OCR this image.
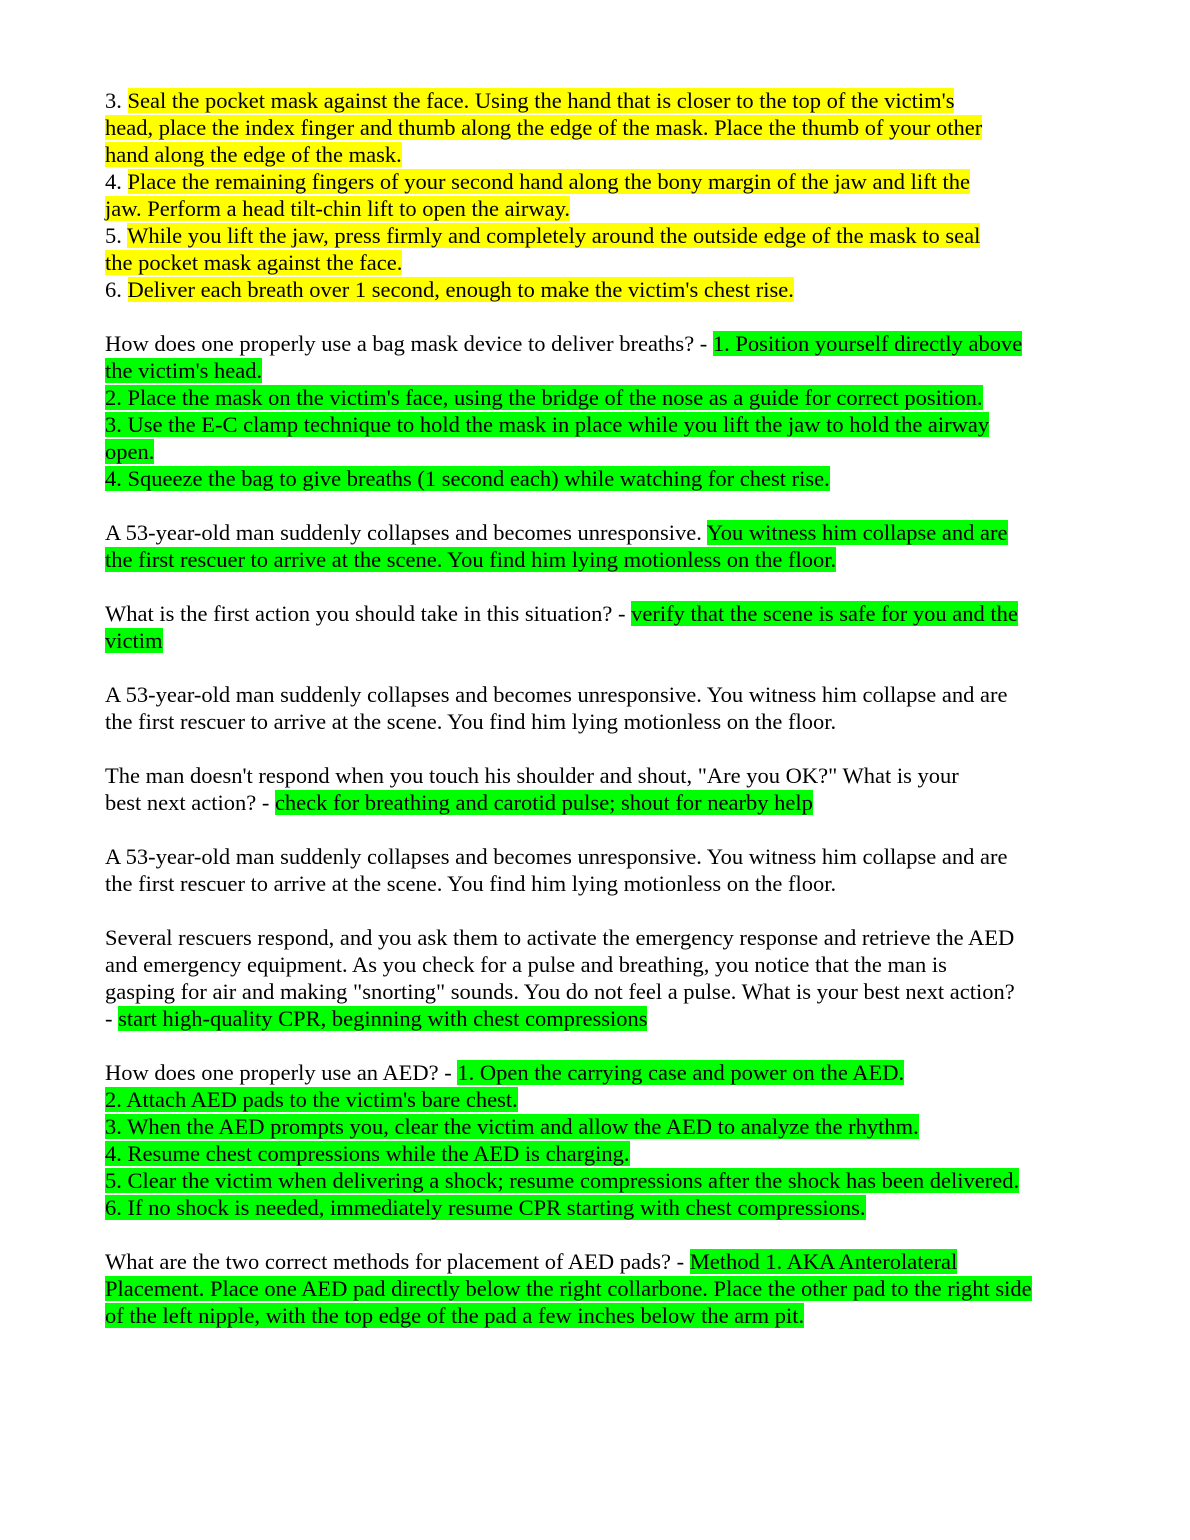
3. Seal the pocket mask against the face. Using the hand that is closer to the top of the victim's
head, place the index finger and thumb along the edge of the mask. Place the thumb of your other
hand along the edge of the mask.
4. Place the remaining fingers of your second hand along the bony margin of the jaw and lift the
jaw. Perform a head tilt-chin lift to open the airway.
5. While you lift the jaw, press firmly and completely around the outside edge of the mask to seal
the pocket mask against the face.
6. Deliver each breath over 1 second, enough to make the victim's chest rise.
How does one properly use a bag mask device to deliver breaths? - 1. Position yourself directly above
the victim's head.
2. Place the mask on the victim's face, using the bridge of the nose as a guide for correct position.
3. Use the E-C clamp technique to hold the mask in place while you lift the jaw to hold the airway
open.
4. Squeeze the bag to give breaths (1 second each) while watching for chest rise.
A 53-year-old man suddenly collapses and becomes unresponsive. You witness him collapse and are
the first rescuer to arrive at the scene. You find him lying motionless on the floor.
What is the first action you should take in this situation? - verify that the scene is safe for you and the
victim
A 53-year-old man suddenly collapses and becomes unresponsive. You witness him collapse and are
the first rescuer to arrive at the scene. You find him lying motionless on the floor.
The man doesn't respond when you touch his shoulder and shout, "Are you OK?" What is your
best next action? - check for breathing and carotid pulse; shout for nearby help
A 53-year-old man suddenly collapses and becomes unresponsive. You witness him collapse and are
the first rescuer to arrive at the scene. You find him lying motionless on the floor.
Several rescuers respond, and you ask them to activate the emergency response and retrieve the AED
and emergency equipment. As you check for a pulse and breathing, you notice that the man is
gasping for air and making "snorting" sounds. You do not feel a pulse. What is your best next action?
- start high-quality CPR, beginning with chest compressions
How does one properly use an AED? - 1. Open the carrying case and power on the AED.
2. Attach AED pads to the victim's bare chest.
3. When the AED prompts you, clear the victim and allow the AED to analyze the rhythm.
4. Resume chest compressions while the AED is charging.
5. Clear the victim when delivering a shock; resume compressions after the shock has been delivered.
6. If no shock is needed, immediately resume CPR starting with chest compressions.
What are the two correct methods for placement of AED pads? - Method 1. AKA Anterolateral
Placement. Place one AED pad directly below the right collarbone. Place the other pad to the right side
of the left nipple, with the top edge of the pad a few inches below the arm pit.
